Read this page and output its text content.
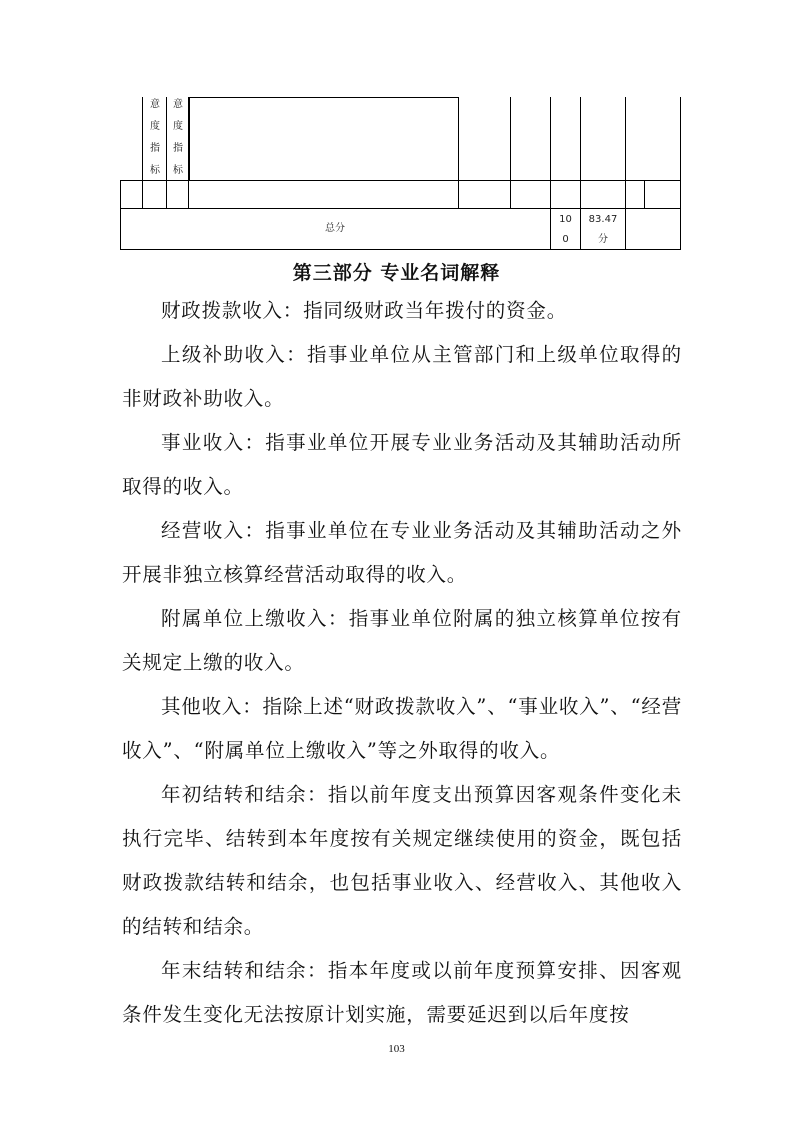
意
度
指
标
意
度
指
标
总分
10
0
83.47
分
第三部分 专业名词解释

财政拨款收入：指同级财政当年拨付的资金。

上级补助收入：指事业单位从主管部门和上级单位取得的非财政补助收入。

事业收入：指事业单位开展专业业务活动及其辅助活动所取得的收入。

经营收入：指事业单位在专业业务活动及其辅助活动之外开展非独立核算经营活动取得的收入。

附属单位上缴收入：指事业单位附属的独立核算单位按有关规定上缴的收入。

其他收入：指除上述“财政拨款收入”、“事业收入”、“经营收入”、“附属单位上缴收入”等之外取得的收入。

年初结转和结余：指以前年度支出预算因客观条件变化未执行完毕、结转到本年度按有关规定继续使用的资金，既包括财政拨款结转和结余，也包括事业收入、经营收入、其他收入的结转和结余。

年末结转和结余：指本年度或以前年度预算安排、因客观条件发生变化无法按原计划实施，需要延迟到以后年度按

103
